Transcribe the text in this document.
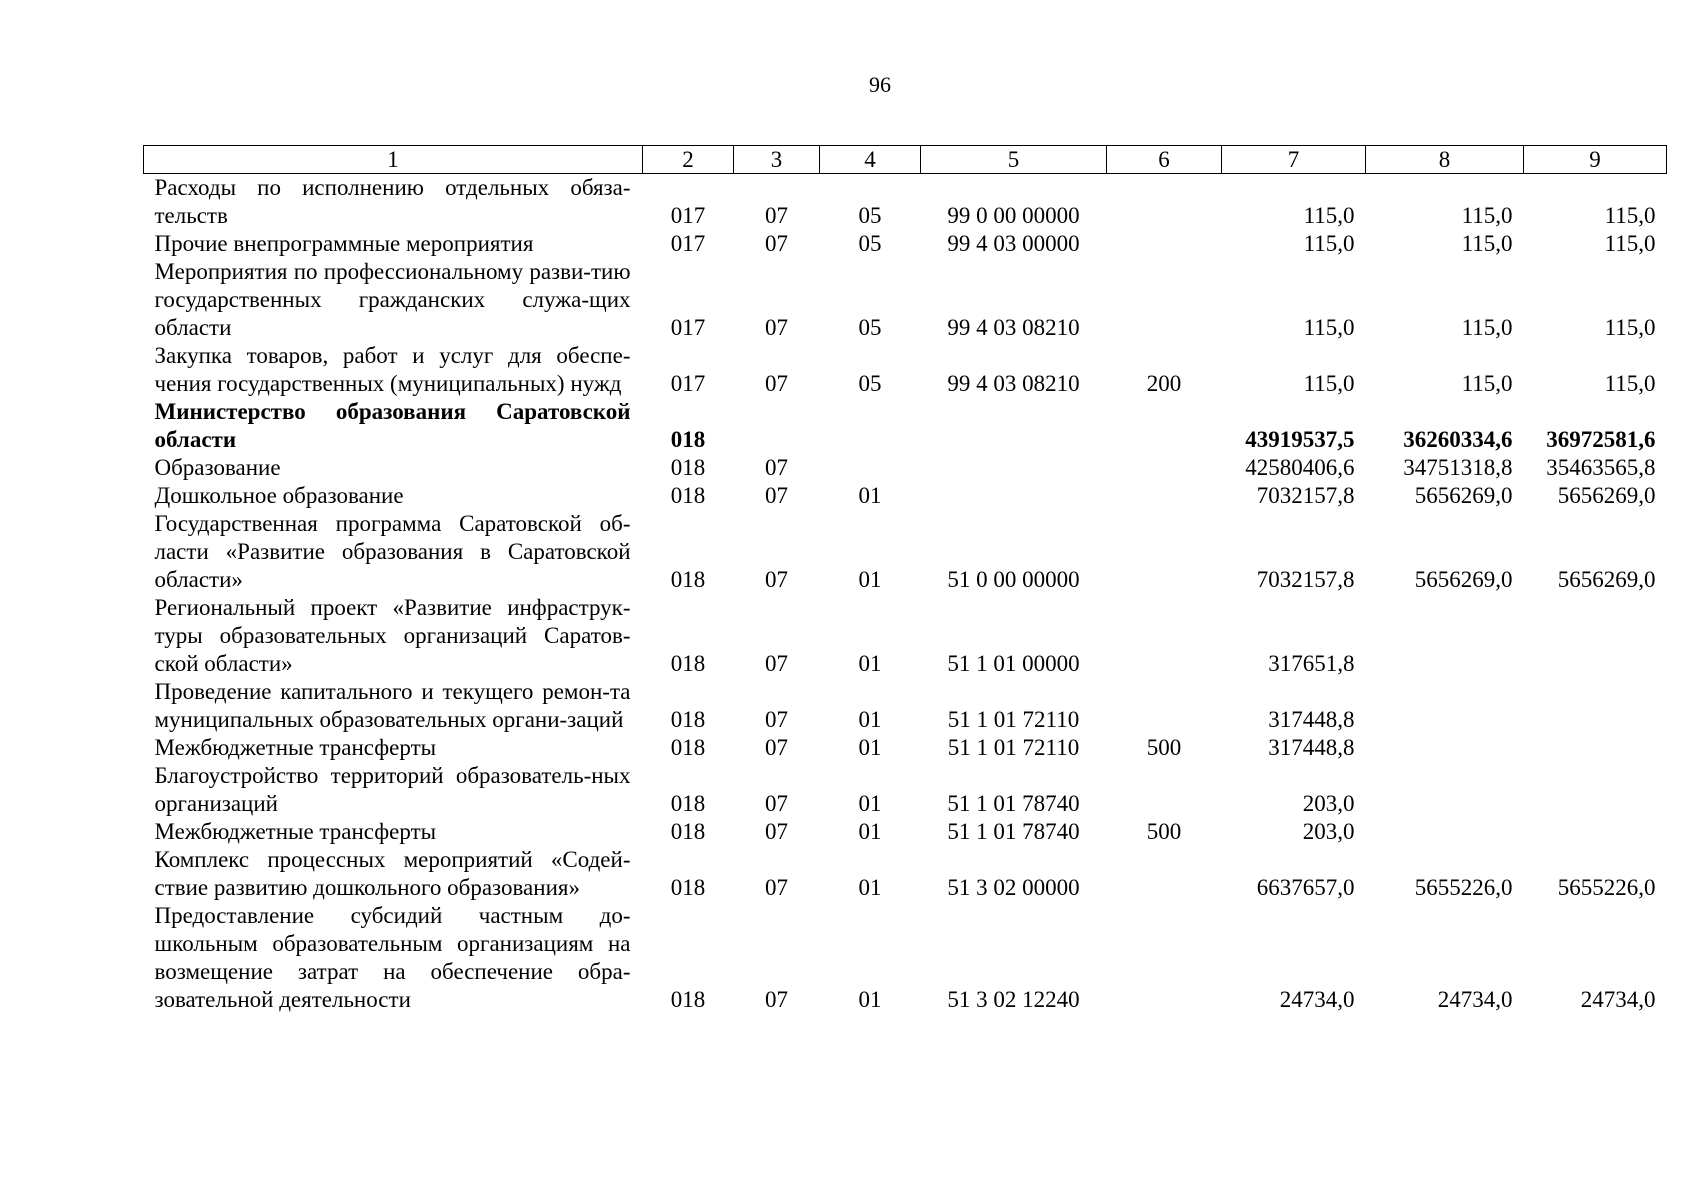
96
1	2	3	4	5	6	7	8	9
Расходы по исполнению отдельных обяза-тельств	017	07	05	99 0 00 00000		115,0	115,0	115,0
Прочие внепрограммные мероприятия	017	07	05	99 4 03 00000		115,0	115,0	115,0
Мероприятия по профессиональному разви-тию государственных гражданских служа-щих области	017	07	05	99 4 03 08210		115,0	115,0	115,0
Закупка товаров, работ и услуг для обеспе-чения государственных (муниципальных) нужд	017	07	05	99 4 03 08210	200	115,0	115,0	115,0
Министерство образования Саратовской области	018					43919537,5	36260334,6	36972581,6
Образование	018	07				42580406,6	34751318,8	35463565,8
Дошкольное образование	018	07	01			7032157,8	5656269,0	5656269,0
Государственная программа Саратовской об-ласти «Развитие образования в Саратовской области»	018	07	01	51 0 00 00000		7032157,8	5656269,0	5656269,0
Региональный проект «Развитие инфраструк-туры образовательных организаций Саратов-ской области»	018	07	01	51 1 01 00000		317651,8		
Проведение капитального и текущего ремон-та муниципальных образовательных органи-заций	018	07	01	51 1 01 72110		317448,8		
Межбюджетные трансферты	018	07	01	51 1 01 72110	500	317448,8		
Благоустройство территорий образователь-ных организаций	018	07	01	51 1 01 78740		203,0		
Межбюджетные трансферты	018	07	01	51 1 01 78740	500	203,0		
Комплекс процессных мероприятий «Содей-ствие развитию дошкольного образования»	018	07	01	51 3 02 00000		6637657,0	5655226,0	5655226,0
Предоставление субсидий частным до-школьным образовательным организациям на возмещение затрат на обеспечение обра-зовательной деятельности	018	07	01	51 3 02 12240		24734,0	24734,0	24734,0
